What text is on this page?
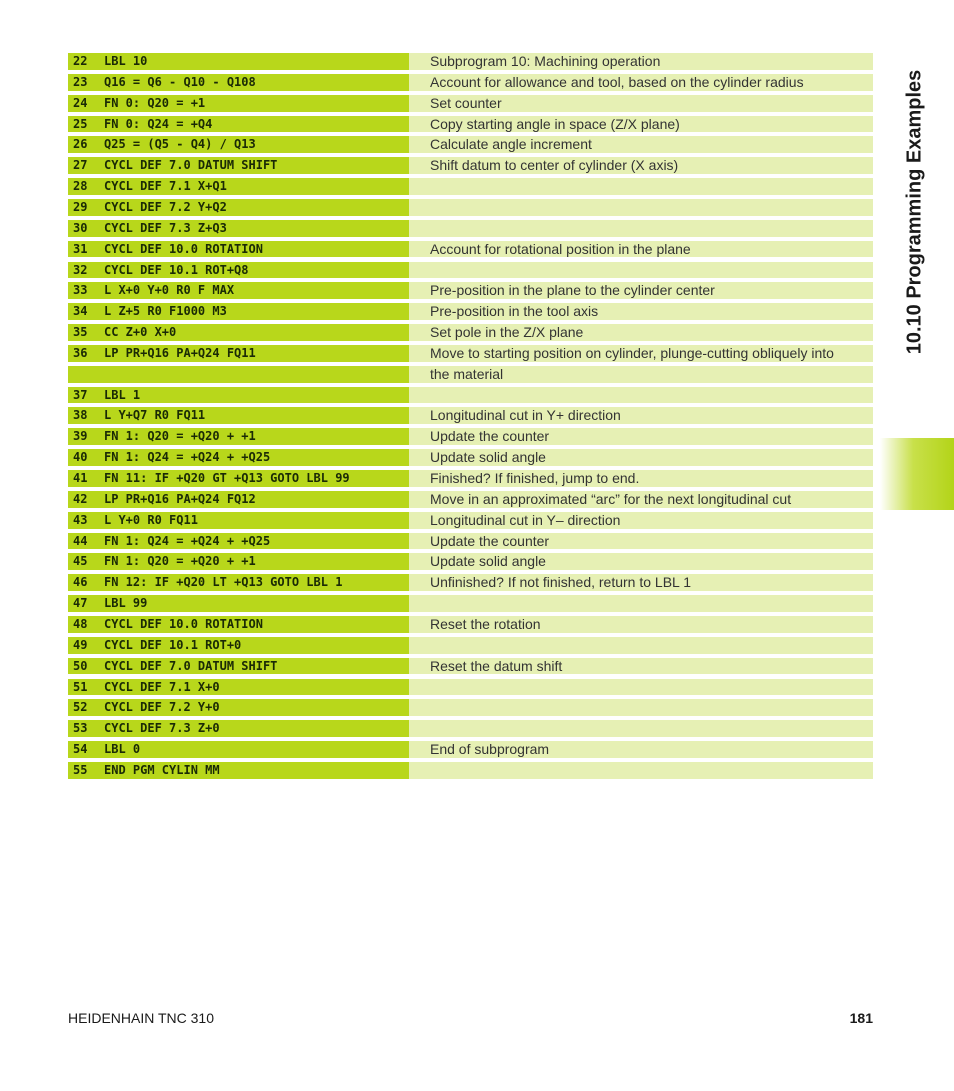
22 LBL 10	Subprogram 10: Machining operation
23 Q16 = Q6 - Q10 - Q108	Account for allowance and tool, based on the cylinder radius
24 FN 0: Q20 = +1	Set counter
25 FN 0: Q24 = +Q4	Copy starting angle in space (Z/X plane)
26 Q25 = (Q5 - Q4) / Q13	Calculate angle increment
27 CYCL DEF 7.0 DATUM SHIFT	Shift datum to center of cylinder (X axis)
28 CYCL DEF 7.1 X+Q1
29 CYCL DEF 7.2 Y+Q2
30 CYCL DEF 7.3 Z+Q3
31 CYCL DEF 10.0 ROTATION	Account for rotational position in the plane
32 CYCL DEF 10.1 ROT+Q8
33 L X+0 Y+0 R0 F MAX	Pre-position in the plane to the cylinder center
34 L Z+5 R0 F1000 M3	Pre-position in the tool axis
35 CC Z+0 X+0	Set pole in the Z/X plane
36 LP PR+Q16 PA+Q24 FQ11	Move to starting position on cylinder, plunge-cutting obliquely into
the material
37 LBL 1
38 L Y+Q7 R0 FQ11	Longitudinal cut in Y+ direction
39 FN 1: Q20 = +Q20 + +1	Update the counter
40 FN 1: Q24 = +Q24 + +Q25	Update solid angle
41 FN 11: IF +Q20 GT +Q13 GOTO LBL 99	Finished? If finished, jump to end.
42 LP PR+Q16 PA+Q24 FQ12	Move in an approximated “arc” for the next longitudinal cut
43 L Y+0 R0 FQ11	Longitudinal cut in Y– direction
44 FN 1: Q24 = +Q24 + +Q25	Update the counter
45 FN 1: Q20 = +Q20 + +1	Update solid angle
46 FN 12: IF +Q20 LT +Q13 GOTO LBL 1	Unfinished? If not finished, return to LBL 1
47 LBL 99
48 CYCL DEF 10.0 ROTATION	Reset the rotation
49 CYCL DEF 10.1 ROT+0
50 CYCL DEF 7.0 DATUM SHIFT	Reset the datum shift
51 CYCL DEF 7.1 X+0
52 CYCL DEF 7.2 Y+0
53 CYCL DEF 7.3 Z+0
54 LBL 0	End of subprogram
55 END PGM CYLIN MM
10.10 Programming Examples
HEIDENHAIN TNC 310	181
